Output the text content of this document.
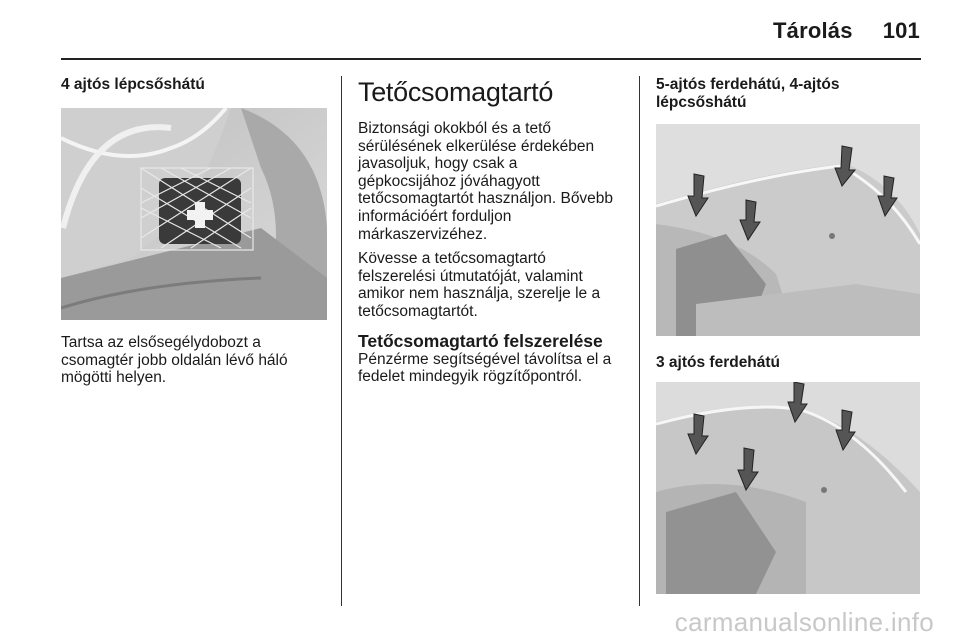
Tárolás 101
4 ajtós lépcsőshátú
Tartsa az elsősegélydobozt a
csomagtér jobb oldalán lévő háló
mögötti helyen.
Tetőcsomagtartó
Biztonsági okokból és a tető
sérülésének elkerülése érdekében
javasoljuk, hogy csak a
gépkocsijához jóváhagyott
tetőcsomagtartót használjon. Bővebb
információért forduljon
márkaszervizéhez.
Kövesse a tetőcsomagtartó
felszerelési útmutatóját, valamint
amikor nem használja, szerelje le a
tetőcsomagtartót.
Tetőcsomagtartó felszerelése
Pénzérme segítségével távolítsa el a
fedelet mindegyik rögzítőpontról.
5-ajtós ferdehátú, 4-ajtós
lépcsőshátú
3 ajtós ferdehátú
carmanualsonline.info
